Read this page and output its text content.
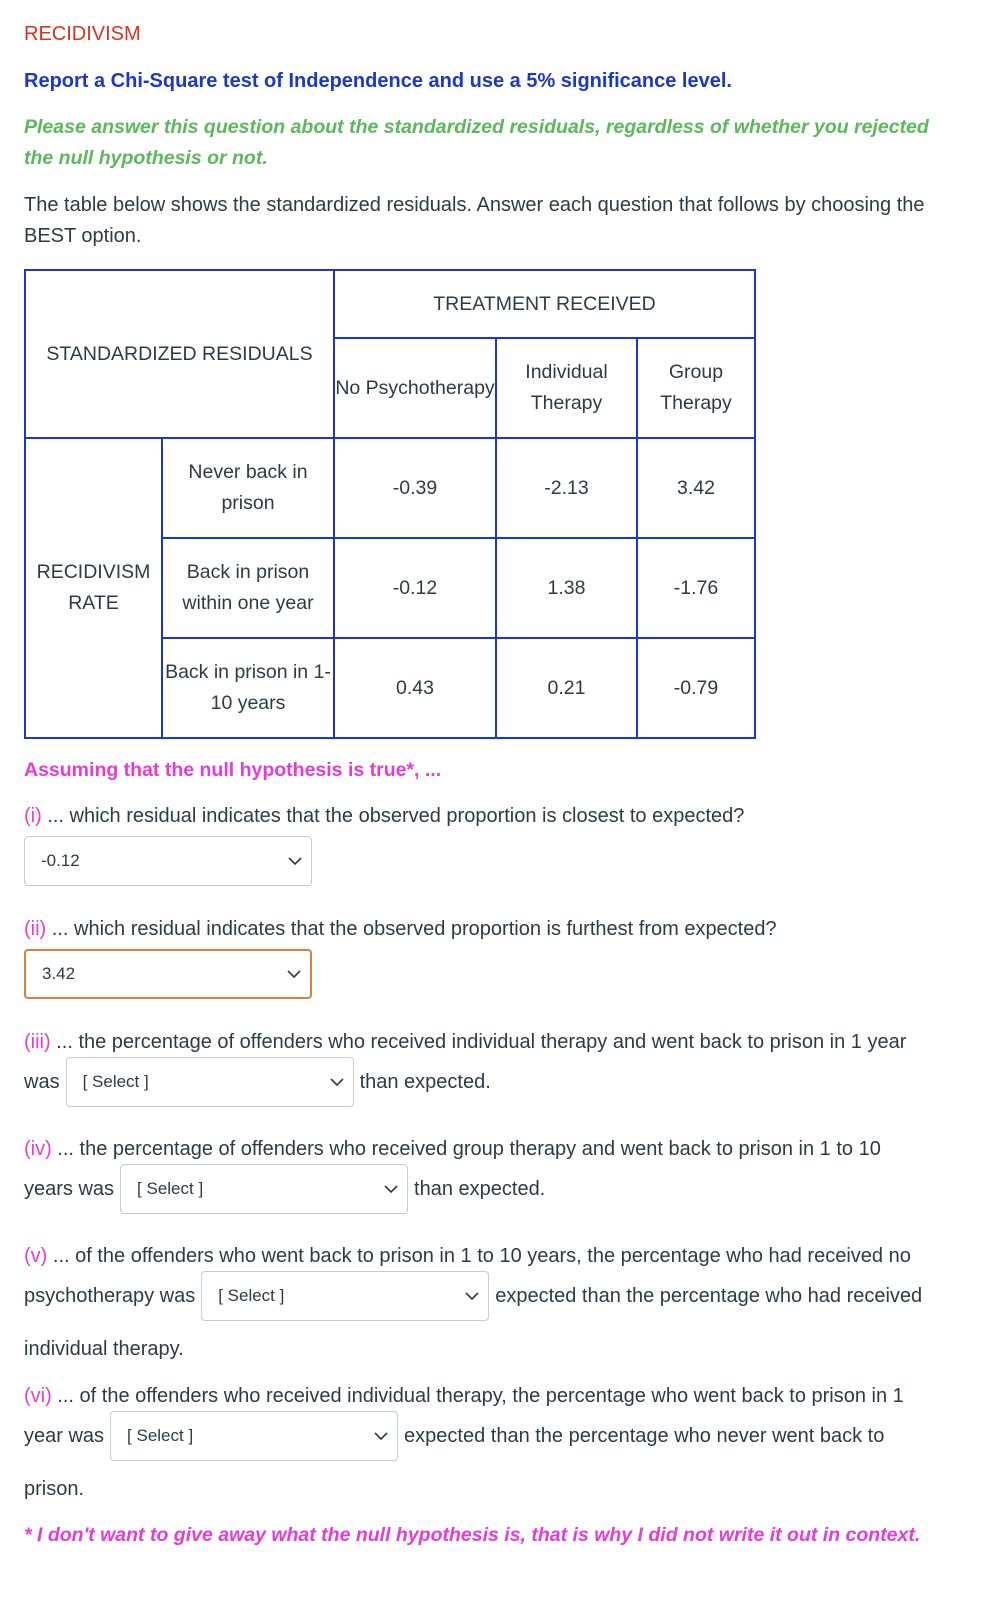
RECIDIVISM
Report a Chi-Square test of Independence and use a 5% significance level.
Please answer this question about the standardized residuals, regardless of whether you rejected the null hypothesis or not.
The table below shows the standardized residuals. Answer each question that follows by choosing the BEST option.
STANDARDIZED RESIDUALS		TREATMENT RECEIVED		
		No Psychotherapy	Individual Therapy	Group Therapy
RECIDIVISM RATE	Never back in prison	-0.39	-2.13	3.42
	Back in prison within one year	-0.12	1.38	-1.76
	Back in prison in 1-10 years	0.43	0.21	-0.79
Assuming that the null hypothesis is true*, ...
(i) ... which residual indicates that the observed proportion is closest to expected?
-0.12
(ii) ... which residual indicates that the observed proportion is furthest from expected?
3.42
(iii) ... the percentage of offenders who received individual therapy and went back to prison in 1 year
was [ Select ]	than expected.
(iv) ... the percentage of offenders who received group therapy and went back to prison in 1 to 10
years was [ Select ]	than expected.
(v) ... of the offenders who went back to prison in 1 to 10 years, the percentage who had received no
psychotherapy was [ Select ]	expected than the percentage who had received
individual therapy.
(vi) ... of the offenders who received individual therapy, the percentage who went back to prison in 1
year was [ Select ]	expected than the percentage who never went back to
prison.
* I don't want to give away what the null hypothesis is, that is why I did not write it out in context.
